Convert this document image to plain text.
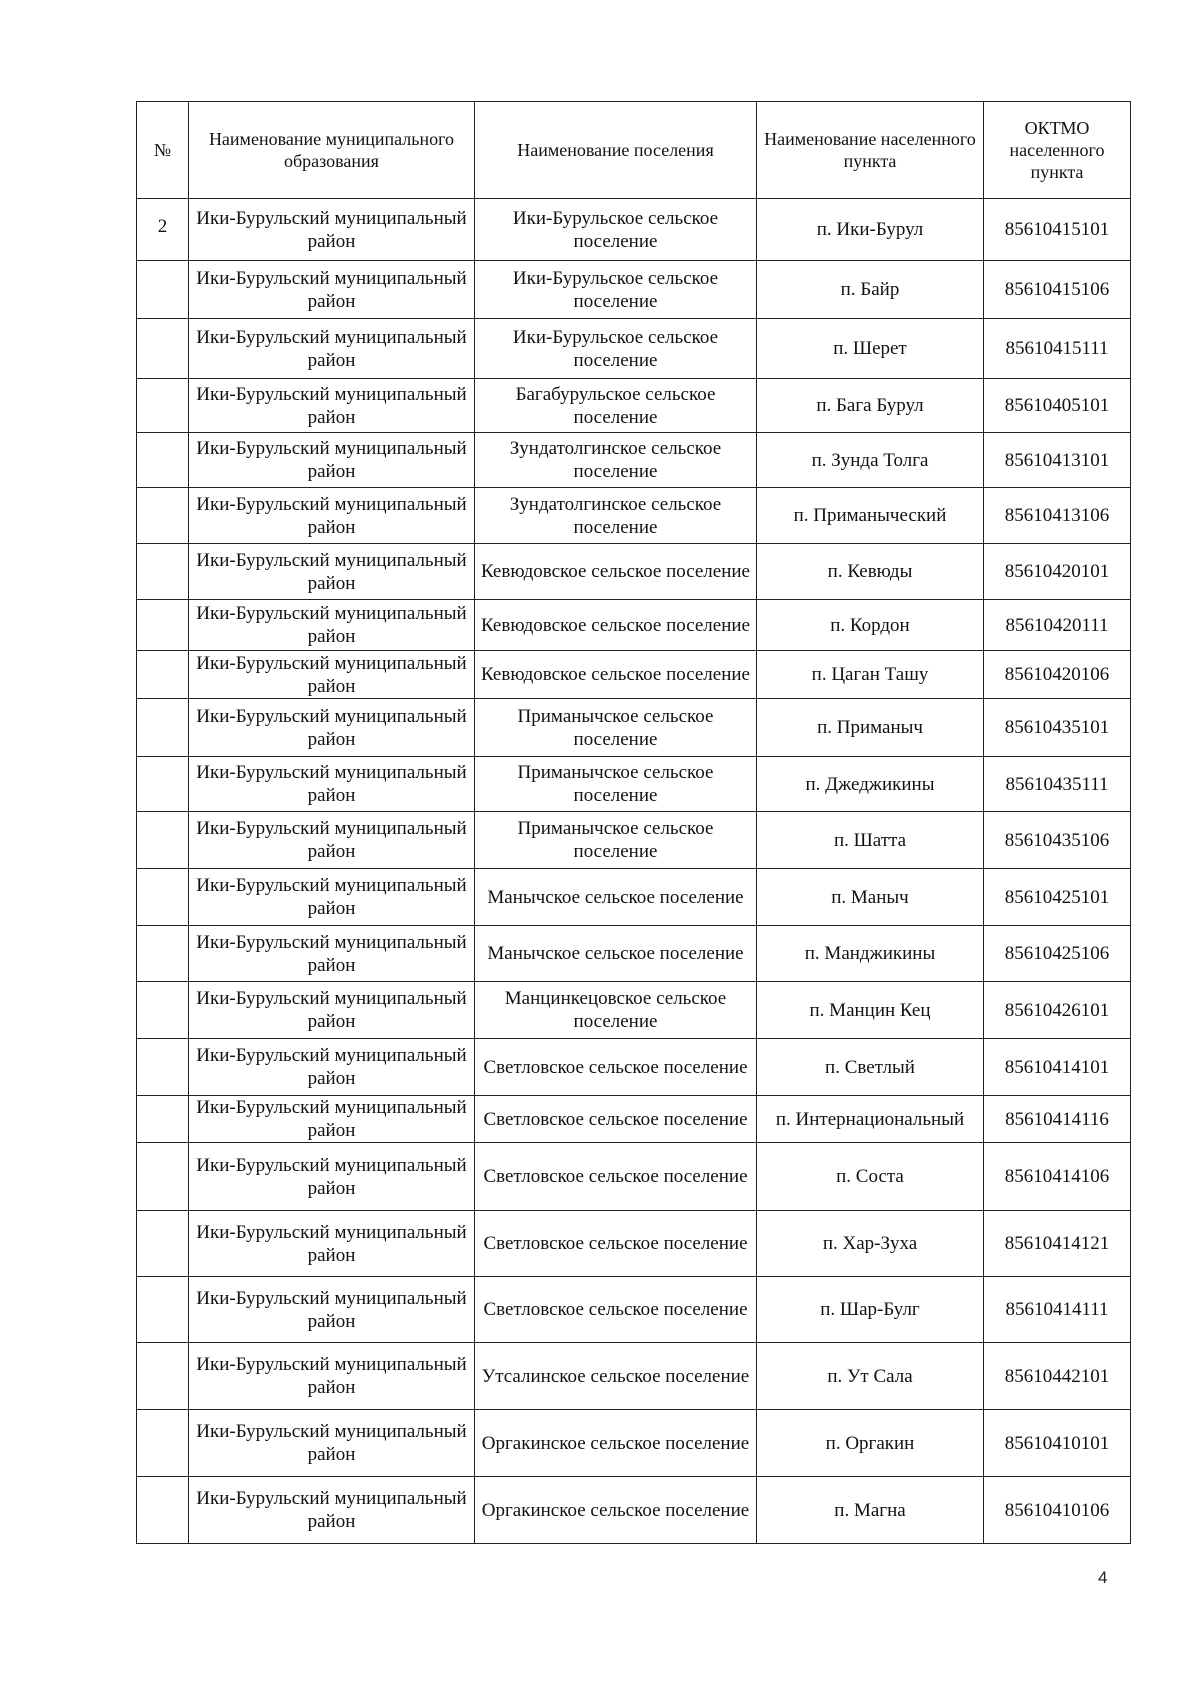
№	Наименование муниципального образования	Наименование поселения	Наименование населенного пункта	ОКТМО населенного пункта
2	Ики-Бурульский муниципальный район	Ики-Бурульское сельское поселение	п. Ики-Бурул	85610415101
	Ики-Бурульский муниципальный район	Ики-Бурульское сельское поселение	п. Байр	85610415106
	Ики-Бурульский муниципальный район	Ики-Бурульское сельское поселение	п. Шерет	85610415111
	Ики-Бурульский муниципальный район	Багабурульское сельское поселение	п. Бага Бурул	85610405101
	Ики-Бурульский муниципальный район	Зундатолгинское сельское поселение	п. Зунда Толга	85610413101
	Ики-Бурульский муниципальный район	Зундатолгинское сельское поселение	п. Приманыческий	85610413106
	Ики-Бурульский муниципальный район	Кевюдовское сельское поселение	п. Кевюды	85610420101
	Ики-Бурульский муниципальный район	Кевюдовское сельское поселение	п. Кордон	85610420111
	Ики-Бурульский муниципальный район	Кевюдовское сельское поселение	п. Цаган Ташу	85610420106
	Ики-Бурульский муниципальный район	Приманычское сельское поселение	п. Приманыч	85610435101
	Ики-Бурульский муниципальный район	Приманычское сельское поселение	п. Джеджикины	85610435111
	Ики-Бурульский муниципальный район	Приманычское сельское поселение	п. Шатта	85610435106
	Ики-Бурульский муниципальный район	Манычское сельское поселение	п. Маныч	85610425101
	Ики-Бурульский муниципальный район	Манычское сельское поселение	п. Манджикины	85610425106
	Ики-Бурульский муниципальный район	Манцинкецовское сельское поселение	п. Манцин Кец	85610426101
	Ики-Бурульский муниципальный район	Светловское сельское поселение	п. Светлый	85610414101
	Ики-Бурульский муниципальный район	Светловское сельское поселение	п. Интернациональный	85610414116
	Ики-Бурульский муниципальный район	Светловское сельское поселение	п. Соста	85610414106
	Ики-Бурульский муниципальный район	Светловское сельское поселение	п. Хар-Зуха	85610414121
	Ики-Бурульский муниципальный район	Светловское сельское поселение	п. Шар-Булг	85610414111
	Ики-Бурульский муниципальный район	Утсалинское сельское поселение	п. Ут Сала	85610442101
	Ики-Бурульский муниципальный район	Оргакинское сельское поселение	п. Оргакин	85610410101
	Ики-Бурульский муниципальный район	Оргакинское сельское поселение	п. Магна	85610410106
4
